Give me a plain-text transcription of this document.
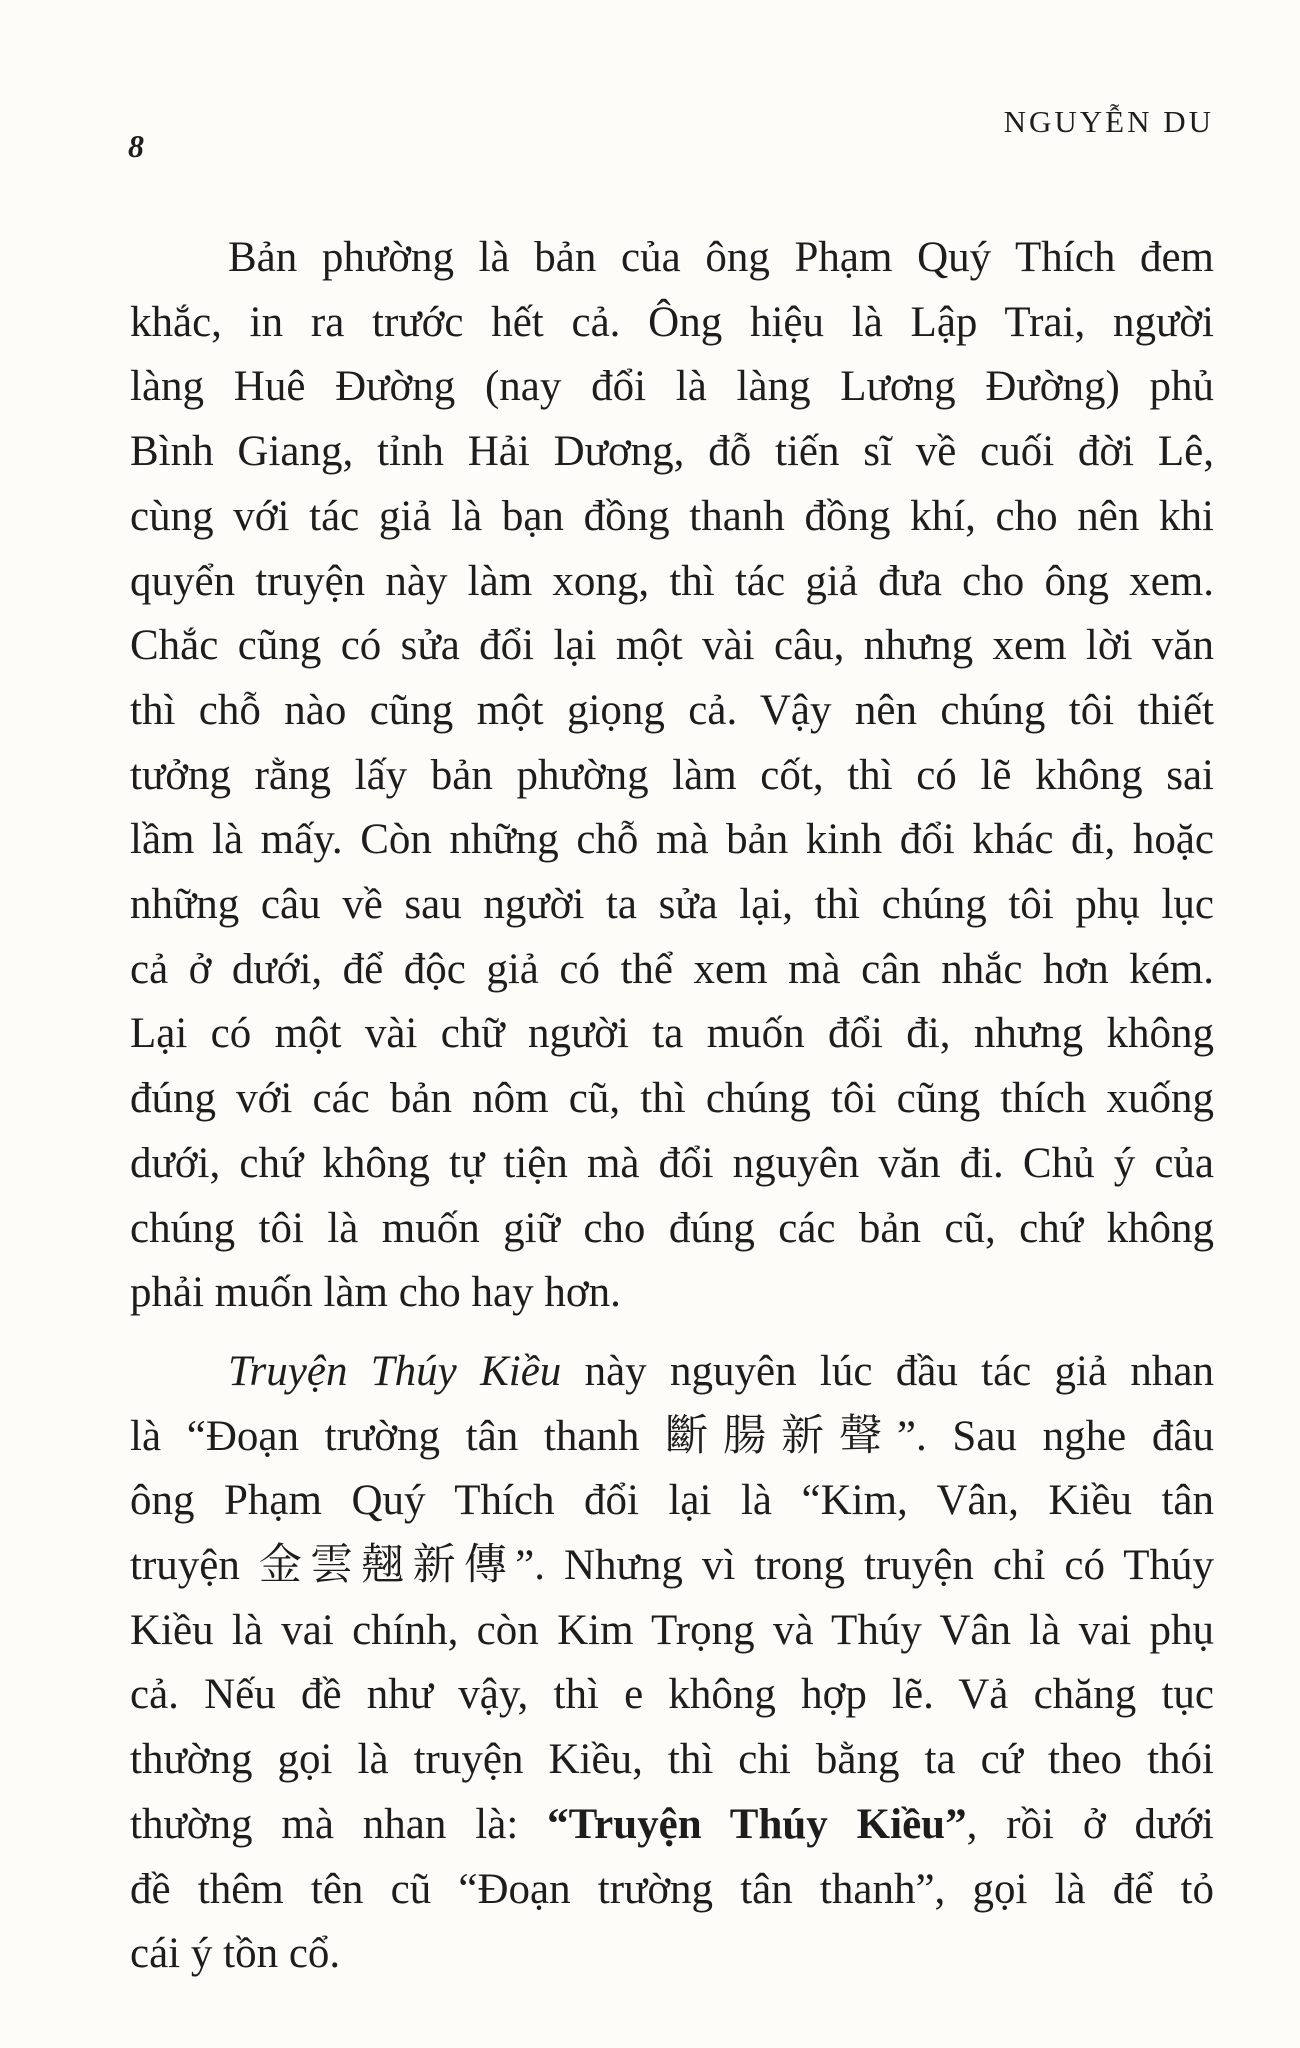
8
NGUYỄN DU
Bản phường là bản của ông Phạm Quý Thích đem
khắc, in ra trước hết cả. Ông hiệu là Lập Trai, người
làng Huê Đường (nay đổi là làng Lương Đường) phủ
Bình Giang, tỉnh Hải Dương, đỗ tiến sĩ về cuối đời Lê,
cùng với tác giả là bạn đồng thanh đồng khí, cho nên khi
quyển truyện này làm xong, thì tác giả đưa cho ông xem.
Chắc cũng có sửa đổi lại một vài câu, nhưng xem lời văn
thì chỗ nào cũng một giọng cả. Vậy nên chúng tôi thiết
tưởng rằng lấy bản phường làm cốt, thì có lẽ không sai
lầm là mấy. Còn những chỗ mà bản kinh đổi khác đi, hoặc
những câu về sau người ta sửa lại, thì chúng tôi phụ lục
cả ở dưới, để độc giả có thể xem mà cân nhắc hơn kém.
Lại có một vài chữ người ta muốn đổi đi, nhưng không
đúng với các bản nôm cũ, thì chúng tôi cũng thích xuống
dưới, chứ không tự tiện mà đổi nguyên văn đi. Chủ ý của
chúng tôi là muốn giữ cho đúng các bản cũ, chứ không
phải muốn làm cho hay hơn.
Truyện Thúy Kiều này nguyên lúc đầu tác giả nhan
là “Đoạn trường tân thanh 斷腸新聲”. Sau nghe đâu
ông Phạm Quý Thích đổi lại là “Kim, Vân, Kiều tân
truyện 金雲翹新傳”. Nhưng vì trong truyện chỉ có Thúy
Kiều là vai chính, còn Kim Trọng và Thúy Vân là vai phụ
cả. Nếu đề như vậy, thì e không hợp lẽ. Vả chăng tục
thường gọi là truyện Kiều, thì chi bằng ta cứ theo thói
thường mà nhan là: “Truyện Thúy Kiều”, rồi ở dưới
đề thêm tên cũ “Đoạn trường tân thanh”, gọi là để tỏ
cái ý tồn cổ.
